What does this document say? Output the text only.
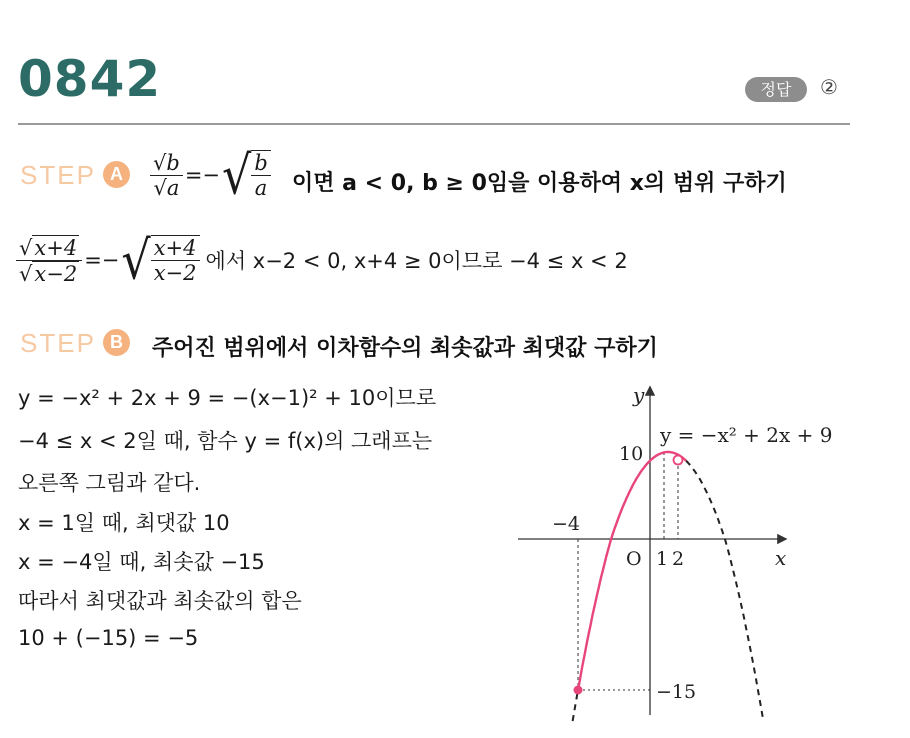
0842	정답	②
STEP A	$\frac{√b}{√a}$ =− √ $\frac{b}{a}$ 이면 a < 0, b ≥ 0임을 이용하여 x의 범위 구하기
$\frac{√x+4}{√x-2}$ =− √ $\frac{x+4}{x-2}$ 에서 x−2 < 0, x+4 ≥ 0이므로 −4 ≤ x < 2
STEP B	주어진 범위에서 이차함수의 최솟값과 최댓값 구하기
y = −x² + 2x + 9 = −(x−1)² + 10이므로
−4 ≤ x < 2일 때, 함수 y = f(x)의 그래프는
오른쪽 그림과 같다.
x = 1일 때, 최댓값 10
x = −4일 때, 최솟값 −15
따라서 최댓값과 최솟값의 합은
10 + (−15) = −5
y
x
y = −x² + 2x + 9
10
−4
O 1 2
−15
